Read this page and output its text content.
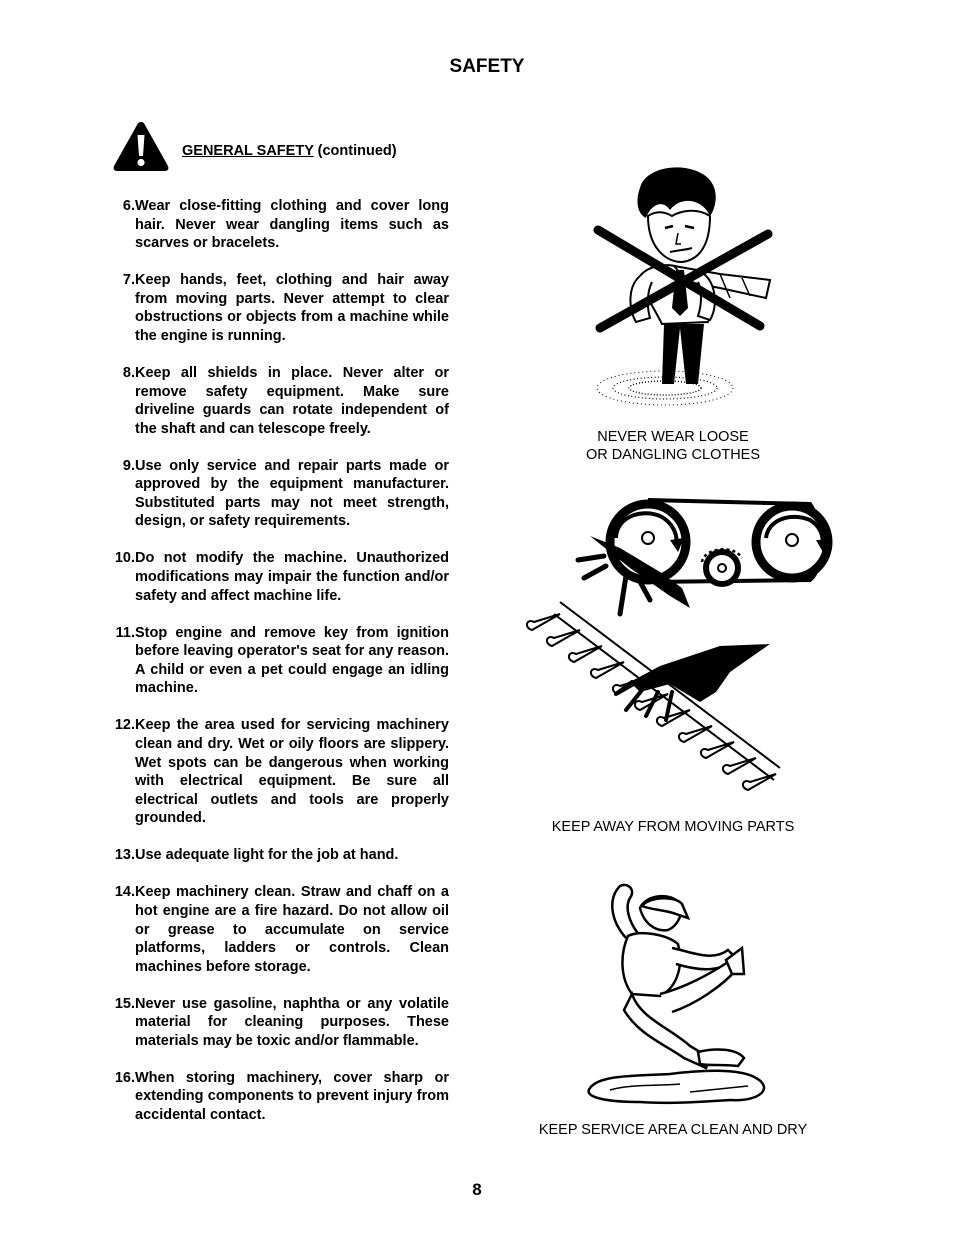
SAFETY
GENERAL SAFETY (continued)
6. Wear close-fitting clothing and cover long hair. Never wear dangling items such as scarves or bracelets.
7. Keep hands, feet, clothing and hair away from moving parts. Never attempt to clear obstructions or objects from a machine while the engine is running.
8. Keep all shields in place. Never alter or remove safety equipment. Make sure driveline guards can rotate independent of the shaft and can telescope freely.
9. Use only service and repair parts made or approved by the equipment manufacturer. Substituted parts may not meet strength, design, or safety requirements.
10. Do not modify the machine. Unauthorized modifications may impair the function and/or safety and affect machine life.
11. Stop engine and remove key from ignition before leaving operator's seat for any reason. A child or even a pet could engage an idling machine.
12. Keep the area used for servicing machinery clean and dry. Wet or oily floors are slippery. Wet spots can be dangerous when working with electrical equipment. Be sure all electrical outlets and tools are properly grounded.
13. Use adequate light for the job at hand.
14. Keep machinery clean. Straw and chaff on a hot engine are a fire hazard. Do not allow oil or grease to accumulate on service platforms, ladders or controls. Clean machines before storage.
15. Never use gasoline, naphtha or any volatile material for cleaning purposes. These materials may be toxic and/or flammable.
16. When storing machinery, cover sharp or extending components to prevent injury from accidental contact.
NEVER WEAR LOOSE
OR DANGLING CLOTHES
KEEP AWAY FROM MOVING PARTS
KEEP SERVICE AREA CLEAN AND DRY
8
